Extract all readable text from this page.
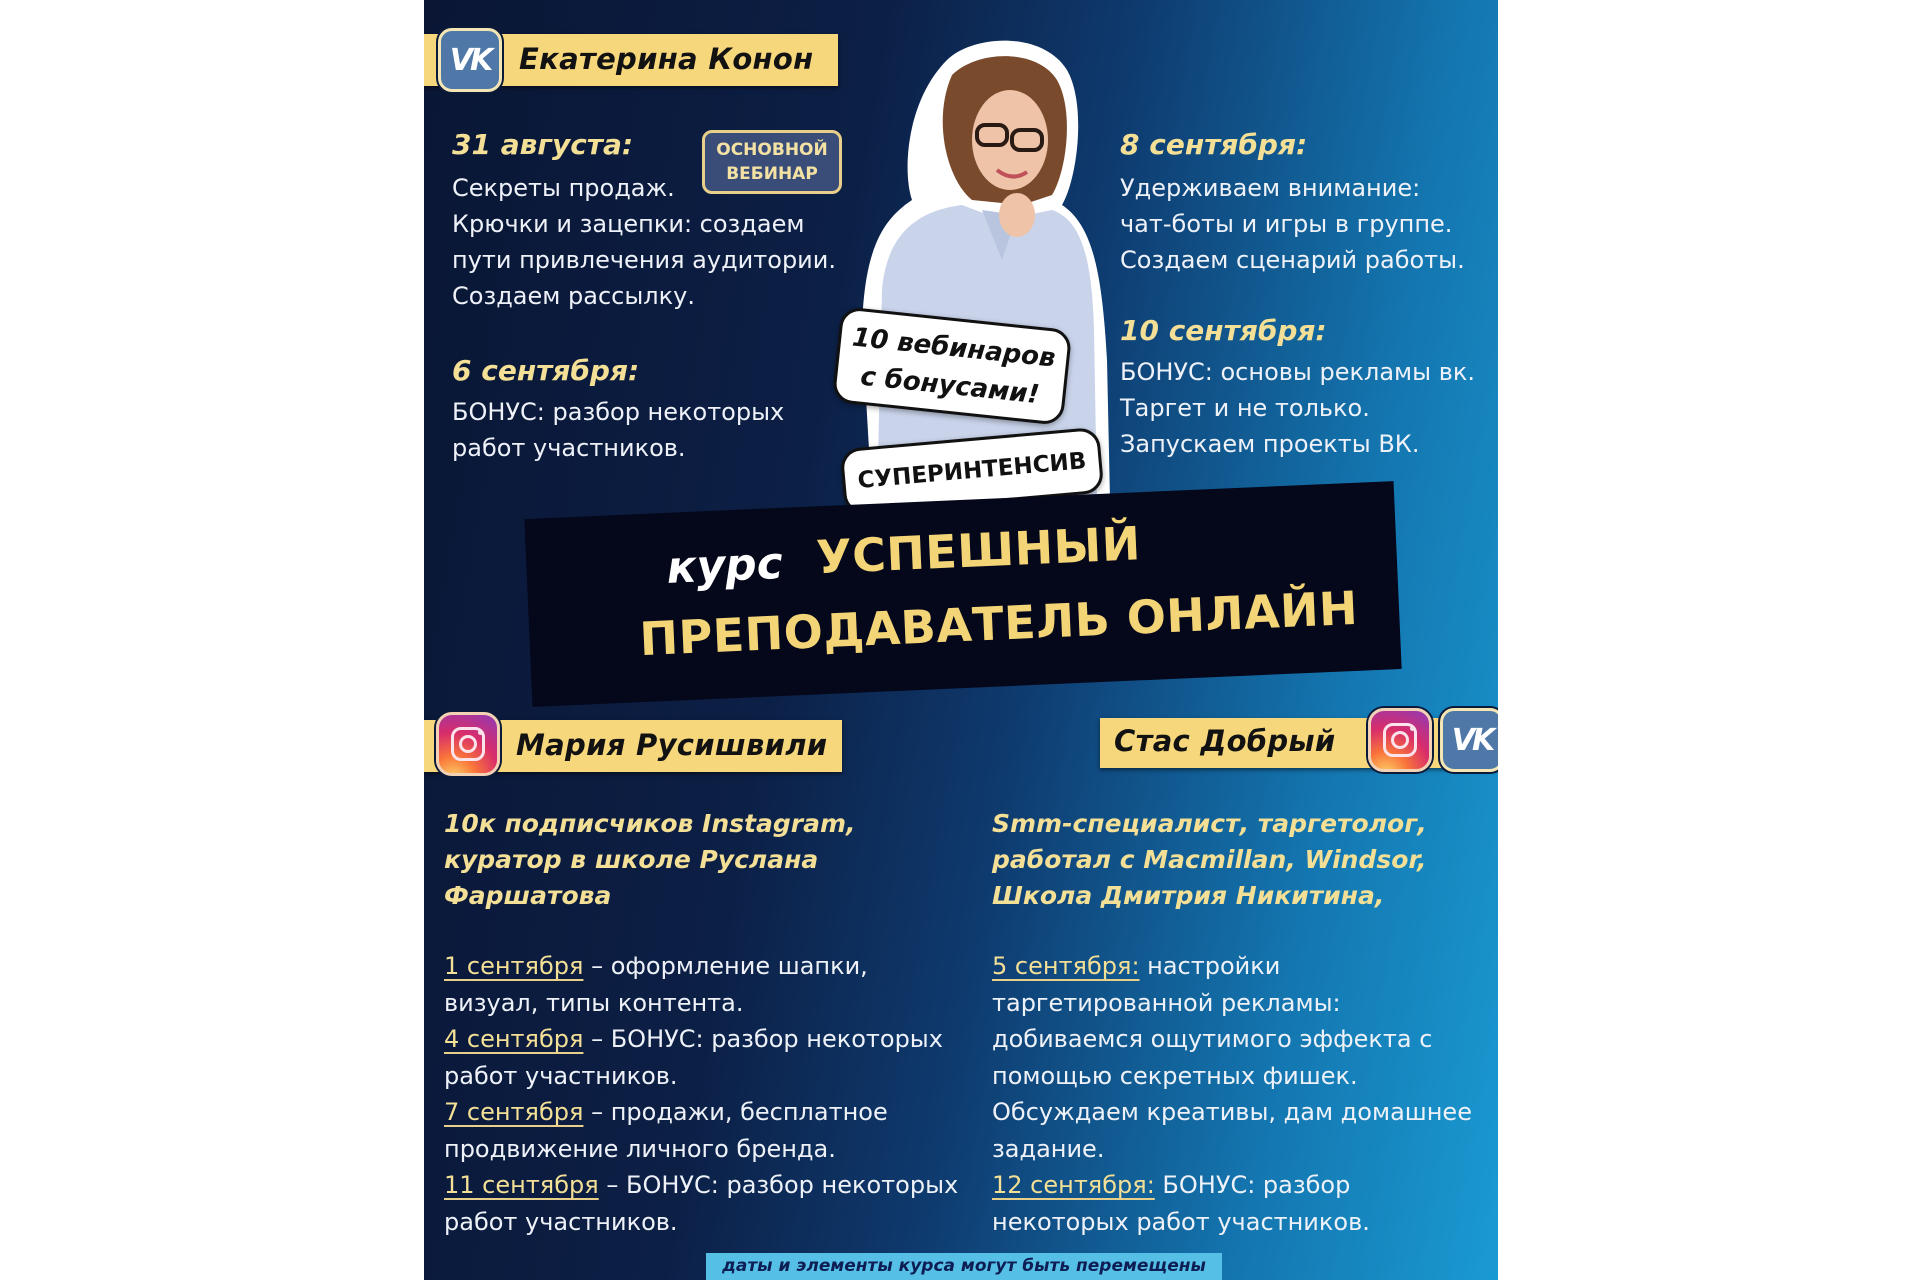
VK Екатерина Конон
31 августа:	ОСНОВНОЙ
ВЕБИНАР
Секреты продаж.
Крючки и зацепки: создаем
пути привлечения аудитории.
Создаем рассылку.
6 сентября:
БОНУС: разбор некоторых
работ участников.
8 сентября:
Удерживаем внимание:
чат-боты и игры в группе.
Создаем сценарий работы.
10 сентября:
БОНУС: основы рекламы вк.
Таргет и не только.
Запускаем проекты ВК.
10 вебинаров
с бонусами!
СУПЕРИНТЕНСИВ
курс УСПЕШНЫЙ
ПРЕПОДАВАТЕЛЬ ОНЛАЙН
Мария Русишвили	Стас Добрый	VK
10к подписчиков Instagram,
куратор в школе Руслана
Фаршатова
Smm-специалист, таргетолог,
работал с Macmillan, Windsor,
Школа Дмитрия Никитина,
1 сентября – оформление шапки,
визуал, типы контента.
4 сентября – БОНУС: разбор некоторых
работ участников.
7 сентября – продажи, бесплатное
продвижение личного бренда.
11 сентября – БОНУС: разбор некоторых
работ участников.
5 сентября: настройки
таргетированной рекламы:
добиваемся ощутимого эффекта с
помощью секретных фишек.
Обсуждаем креативы, дам домашнее
задание.
12 сентября: БОНУС: разбор
некоторых работ участников.
даты и элементы курса могут быть перемещены
